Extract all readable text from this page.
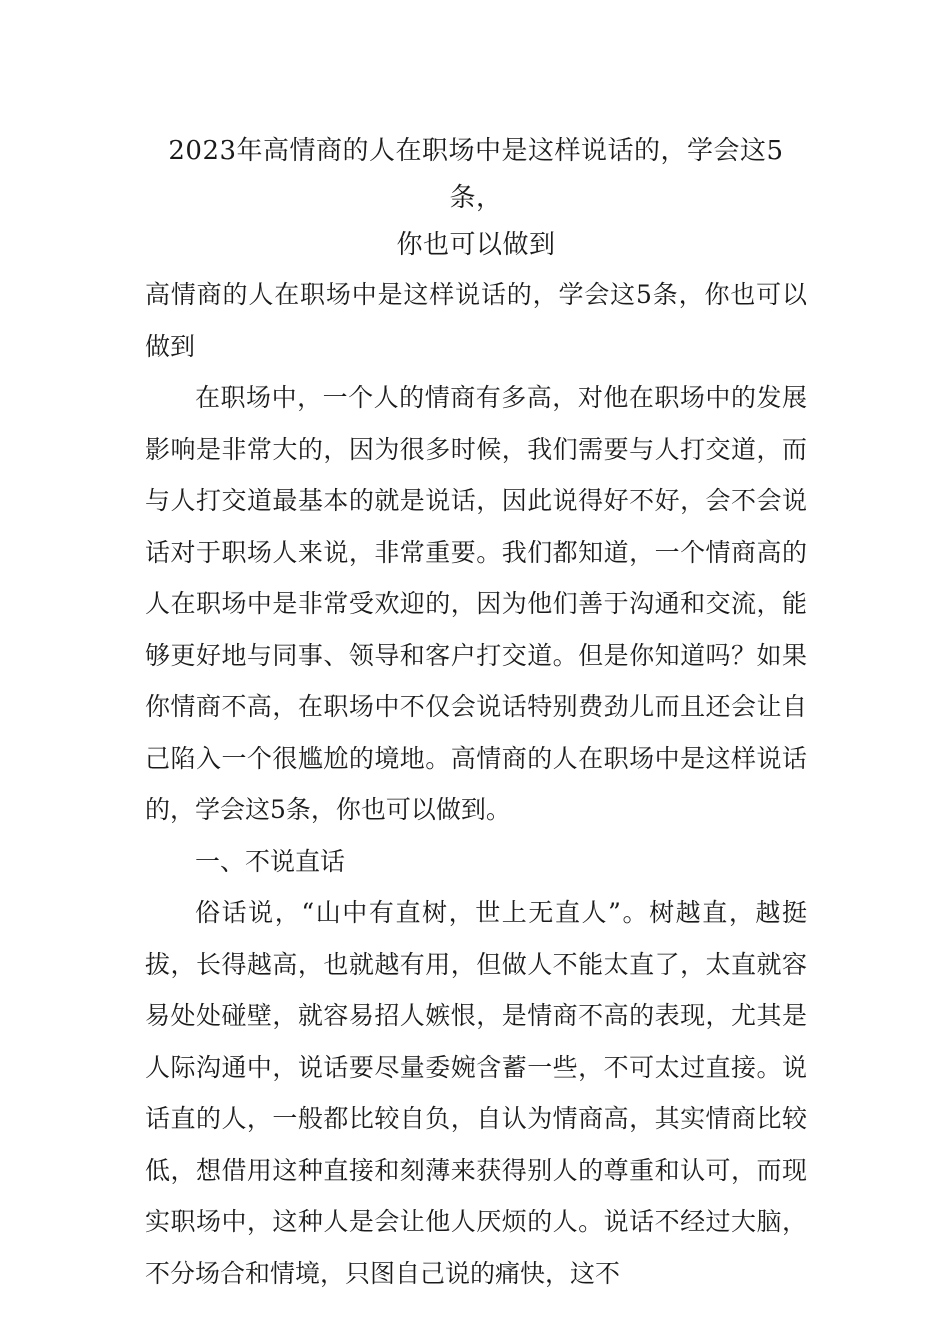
2023年高情商的人在职场中是这样说话的，学会这5条，
你也可以做到

高情商的人在职场中是这样说话的，学会这5条，你也可以做到

在职场中，一个人的情商有多高，对他在职场中的发展影响是非常大的，因为很多时候，我们需要与人打交道，而与人打交道最基本的就是说话，因此说得好不好，会不会说话对于职场人来说，非常重要。我们都知道，一个情商高的人在职场中是非常受欢迎的，因为他们善于沟通和交流，能够更好地与同事、领导和客户打交道。但是你知道吗？如果你情商不高，在职场中不仅会说话特别费劲儿而且还会让自己陷入一个很尴尬的境地。高情商的人在职场中是这样说话的，学会这5条，你也可以做到。

一、不说直话

俗话说，“山中有直树，世上无直人”。树越直，越挺拔，长得越高，也就越有用，但做人不能太直了，太直就容易处处碰壁，就容易招人嫉恨，是情商不高的表现，尤其是人际沟通中，说话要尽量委婉含蓄一些，不可太过直接。说话直的人，一般都比较自负，自认为情商高，其实情商比较低，想借用这种直接和刻薄来获得别人的尊重和认可，而现实职场中，这种人是会让他人厌烦的人。说话不经过大脑，不分场合和情境，只图自己说的痛快，这不
